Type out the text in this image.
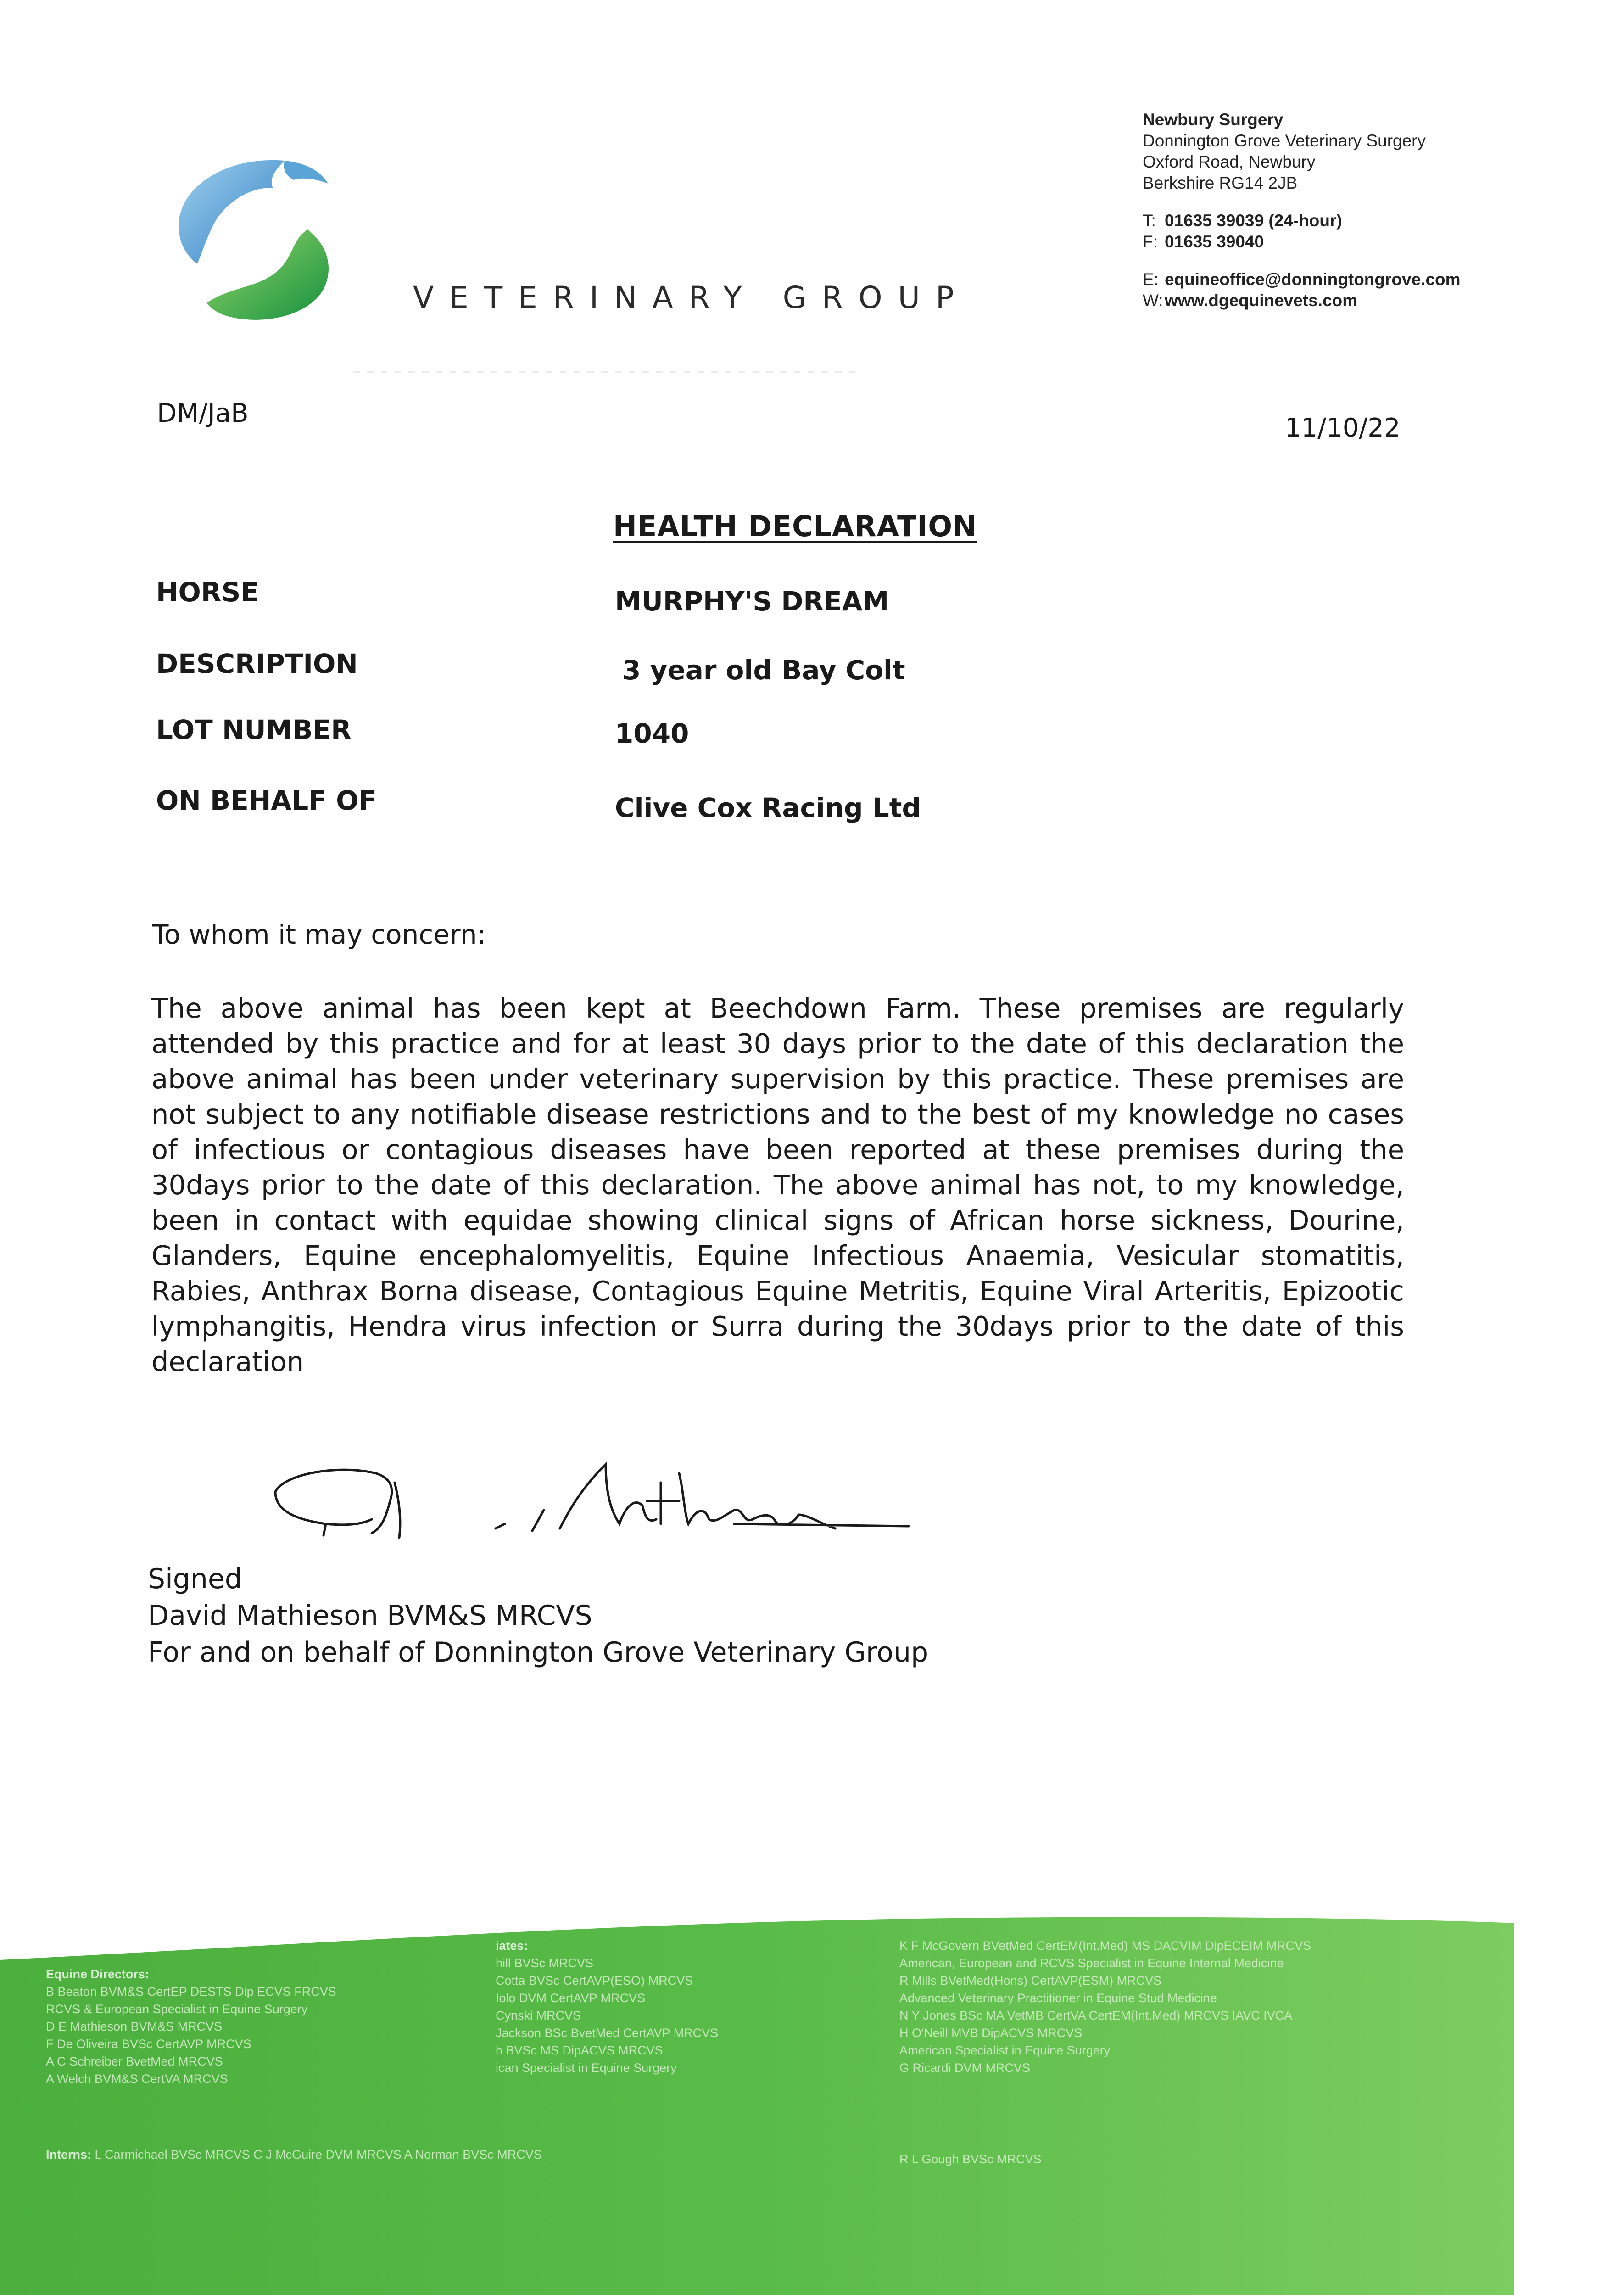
VETERINARY GROUP
Newbury Surgery
Donnington Grove Veterinary Surgery
Oxford Road, Newbury
Berkshire RG14 2JB
T: 01635 39039 (24-hour)
F: 01635 39040
E: equineoffice@donningtongrove.com
W:www.dgequinevets.com
DM/JaB	11/10/22
HEALTH DECLARATION
HORSE	MURPHY'S DREAM
DESCRIPTION	3 year old Bay Colt
LOT NUMBER	1040
ON BEHALF OF	Clive Cox Racing Ltd
To whom it may concern:
The above animal has been kept at Beechdown Farm. These premises are regularly attended by this practice and for at least 30 days prior to the date of this declaration the above animal has been under veterinary supervision by this practice. These premises are not subject to any notifiable disease restrictions and to the best of my knowledge no cases of infectious or contagious diseases have been reported at these premises during the 30days prior to the date of this declaration. The above animal has not, to my knowledge, been in contact with equidae showing clinical signs of African horse sickness, Dourine, Glanders, Equine encephalomyelitis, Equine Infectious Anaemia, Vesicular stomatitis, Rabies, Anthrax Borna disease, Contagious Equine Metritis, Equine Viral Arteritis, Epizootic lymphangitis, Hendra virus infection or Surra during the 30days prior to the date of this declaration
Signed
David Mathieson BVM&S MRCVS
For and on behalf of Donnington Grove Veterinary Group
Equine Directors:
B Beaton BVM&S CertEP DESTS Dip ECVS FRCVS
RCVS & European Specialist in Equine Surgery
D E Mathieson BVM&S MRCVS
F De Oliveira BVSc CertAVP MRCVS
A C Schreiber BvetMed MRCVS
A Welch BVM&S CertVA MRCVS
iates:
hill BVSc MRCVS
Cotta BVSc CertAVP(ESO) MRCVS
Iolo DVM CertAVP MRCVS
Cynski MRCVS
Jackson BSc BvetMed CertAVP MRCVS
h BVSc MS DipACVS MRCVS
ican Specialist in Equine Surgery
K F McGovern BVetMed CertEM(Int.Med) MS DACVIM DipECEIM MRCVS
American, European and RCVS Specialist in Equine Internal Medicine
R Mills BVetMed(Hons) CertAVP(ESM) MRCVS
Advanced Veterinary Practitioner in Equine Stud Medicine
N Y Jones BSc MA VetMB CertVA CertEM(Int.Med) MRCVS IAVC IVCA
H O'Neill MVB DipACVS MRCVS
American Specialist in Equine Surgery
G Ricardi DVM MRCVS
Interns: L Carmichael BVSc MRCVS C J McGuire DVM MRCVS A Norman BVSc MRCVS	R L Gough BVSc MRCVS
